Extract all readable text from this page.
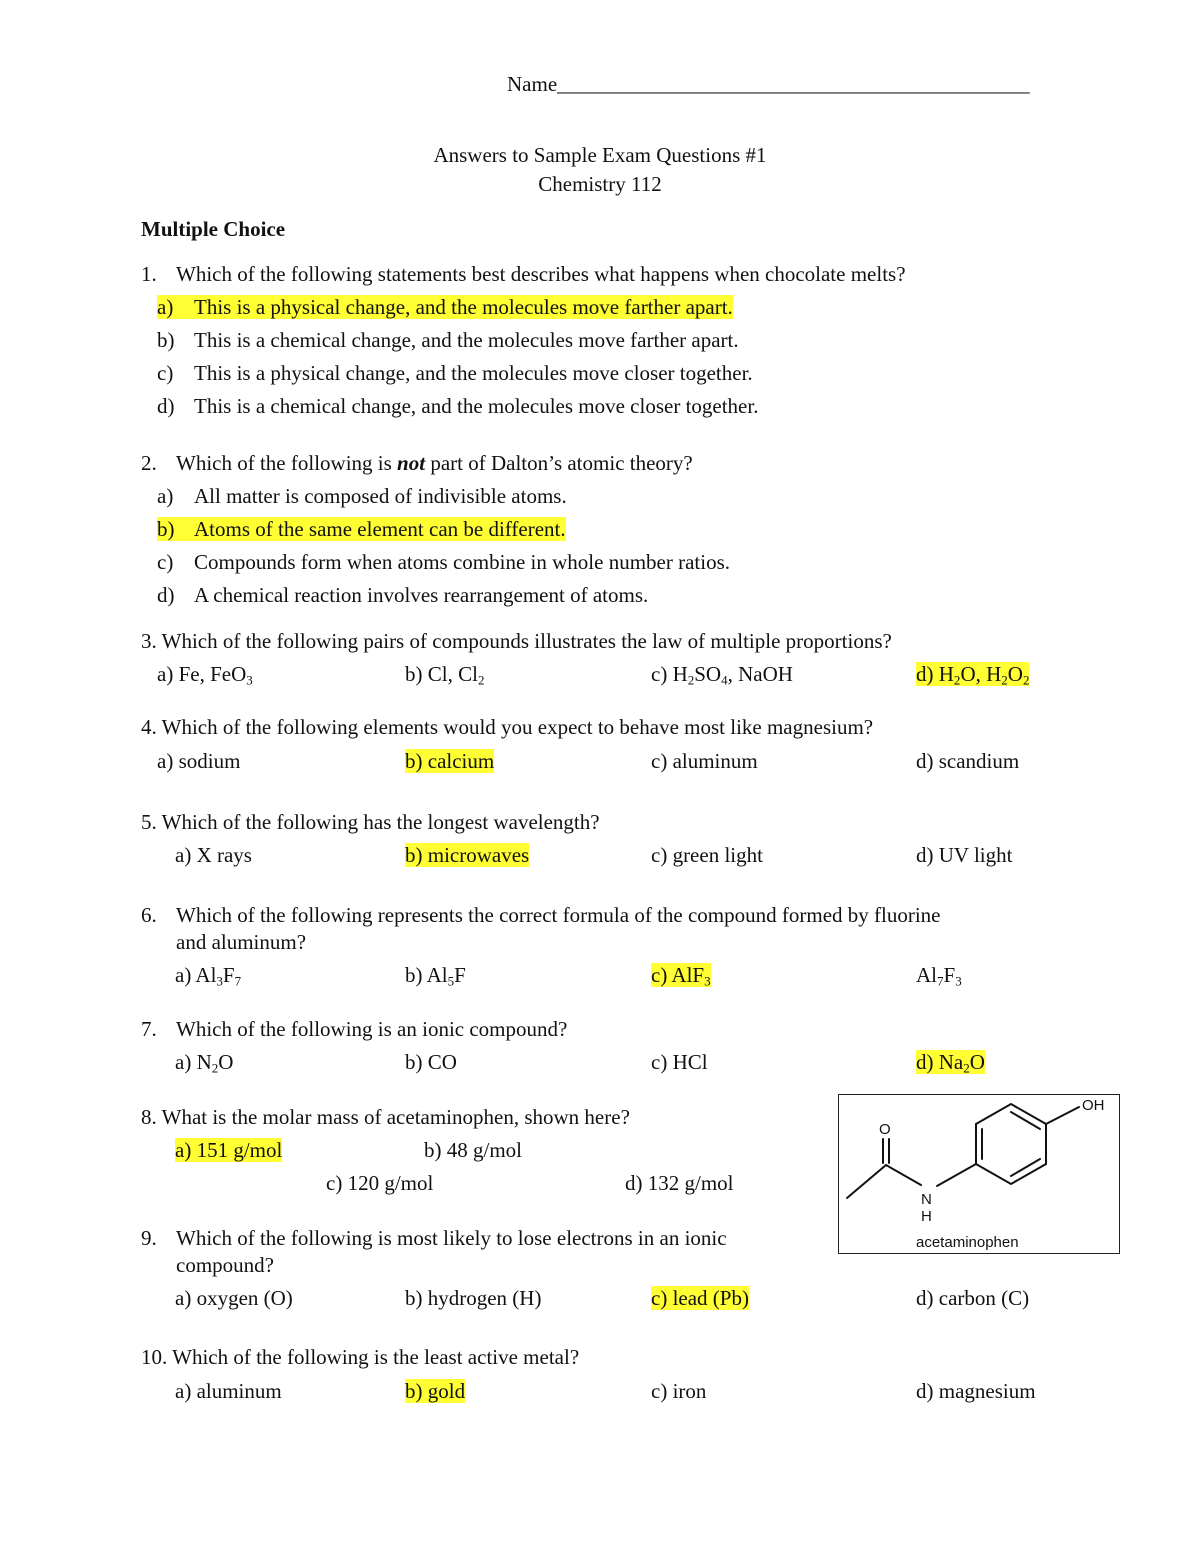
Name_____________________________________________
Answers to Sample Exam Questions #1
Chemistry 112
Multiple Choice
1. Which of the following statements best describes what happens when chocolate melts?
a) This is a physical change, and the molecules move farther apart.
b) This is a chemical change, and the molecules move farther apart.
c) This is a physical change, and the molecules move closer together.
d) This is a chemical change, and the molecules move closer together.
2. Which of the following is not part of Dalton’s atomic theory?
a) All matter is composed of indivisible atoms.
b) Atoms of the same element can be different.
c) Compounds form when atoms combine in whole number ratios.
d) A chemical reaction involves rearrangement of atoms.
3. Which of the following pairs of compounds illustrates the law of multiple proportions?
a) Fe, FeO$_3$	b) Cl, $Cl_2$	c) $H_2SO_4$, NaOH	d) $H_2O$, $H_2O_2$
4. Which of the following elements would you expect to behave most like magnesium?
a) sodium	b) calcium	c) aluminum	d) scandium
5. Which of the following has the longest wavelength?
a) X rays	b) microwaves	c) green light	d) UV light
6. Which of the following represents the correct formula of the compound formed by fluorine
and aluminum?
a) $Al_3F_7$	b) $Al_5F$	c) AlF$_3$	$Al_7F_3$
7. Which of the following is an ionic compound?
a) $N_2O$	b) CO	c) HCl	d) $Na_2O$
8. What is the molar mass of acetaminophen, shown here?
a) 151 g/mol	b) 48 g/mol
c) 120 g/mol	d) 132 g/mol
OH
O
N
H
acetaminophen
9. Which of the following is most likely to lose electrons in an ionic
compound?
a) oxygen (O)	b) hydrogen (H)	c) lead (Pb)	d) carbon (C)
10. Which of the following is the least active metal?
a) aluminum	b) gold	c) iron	d) magnesium
